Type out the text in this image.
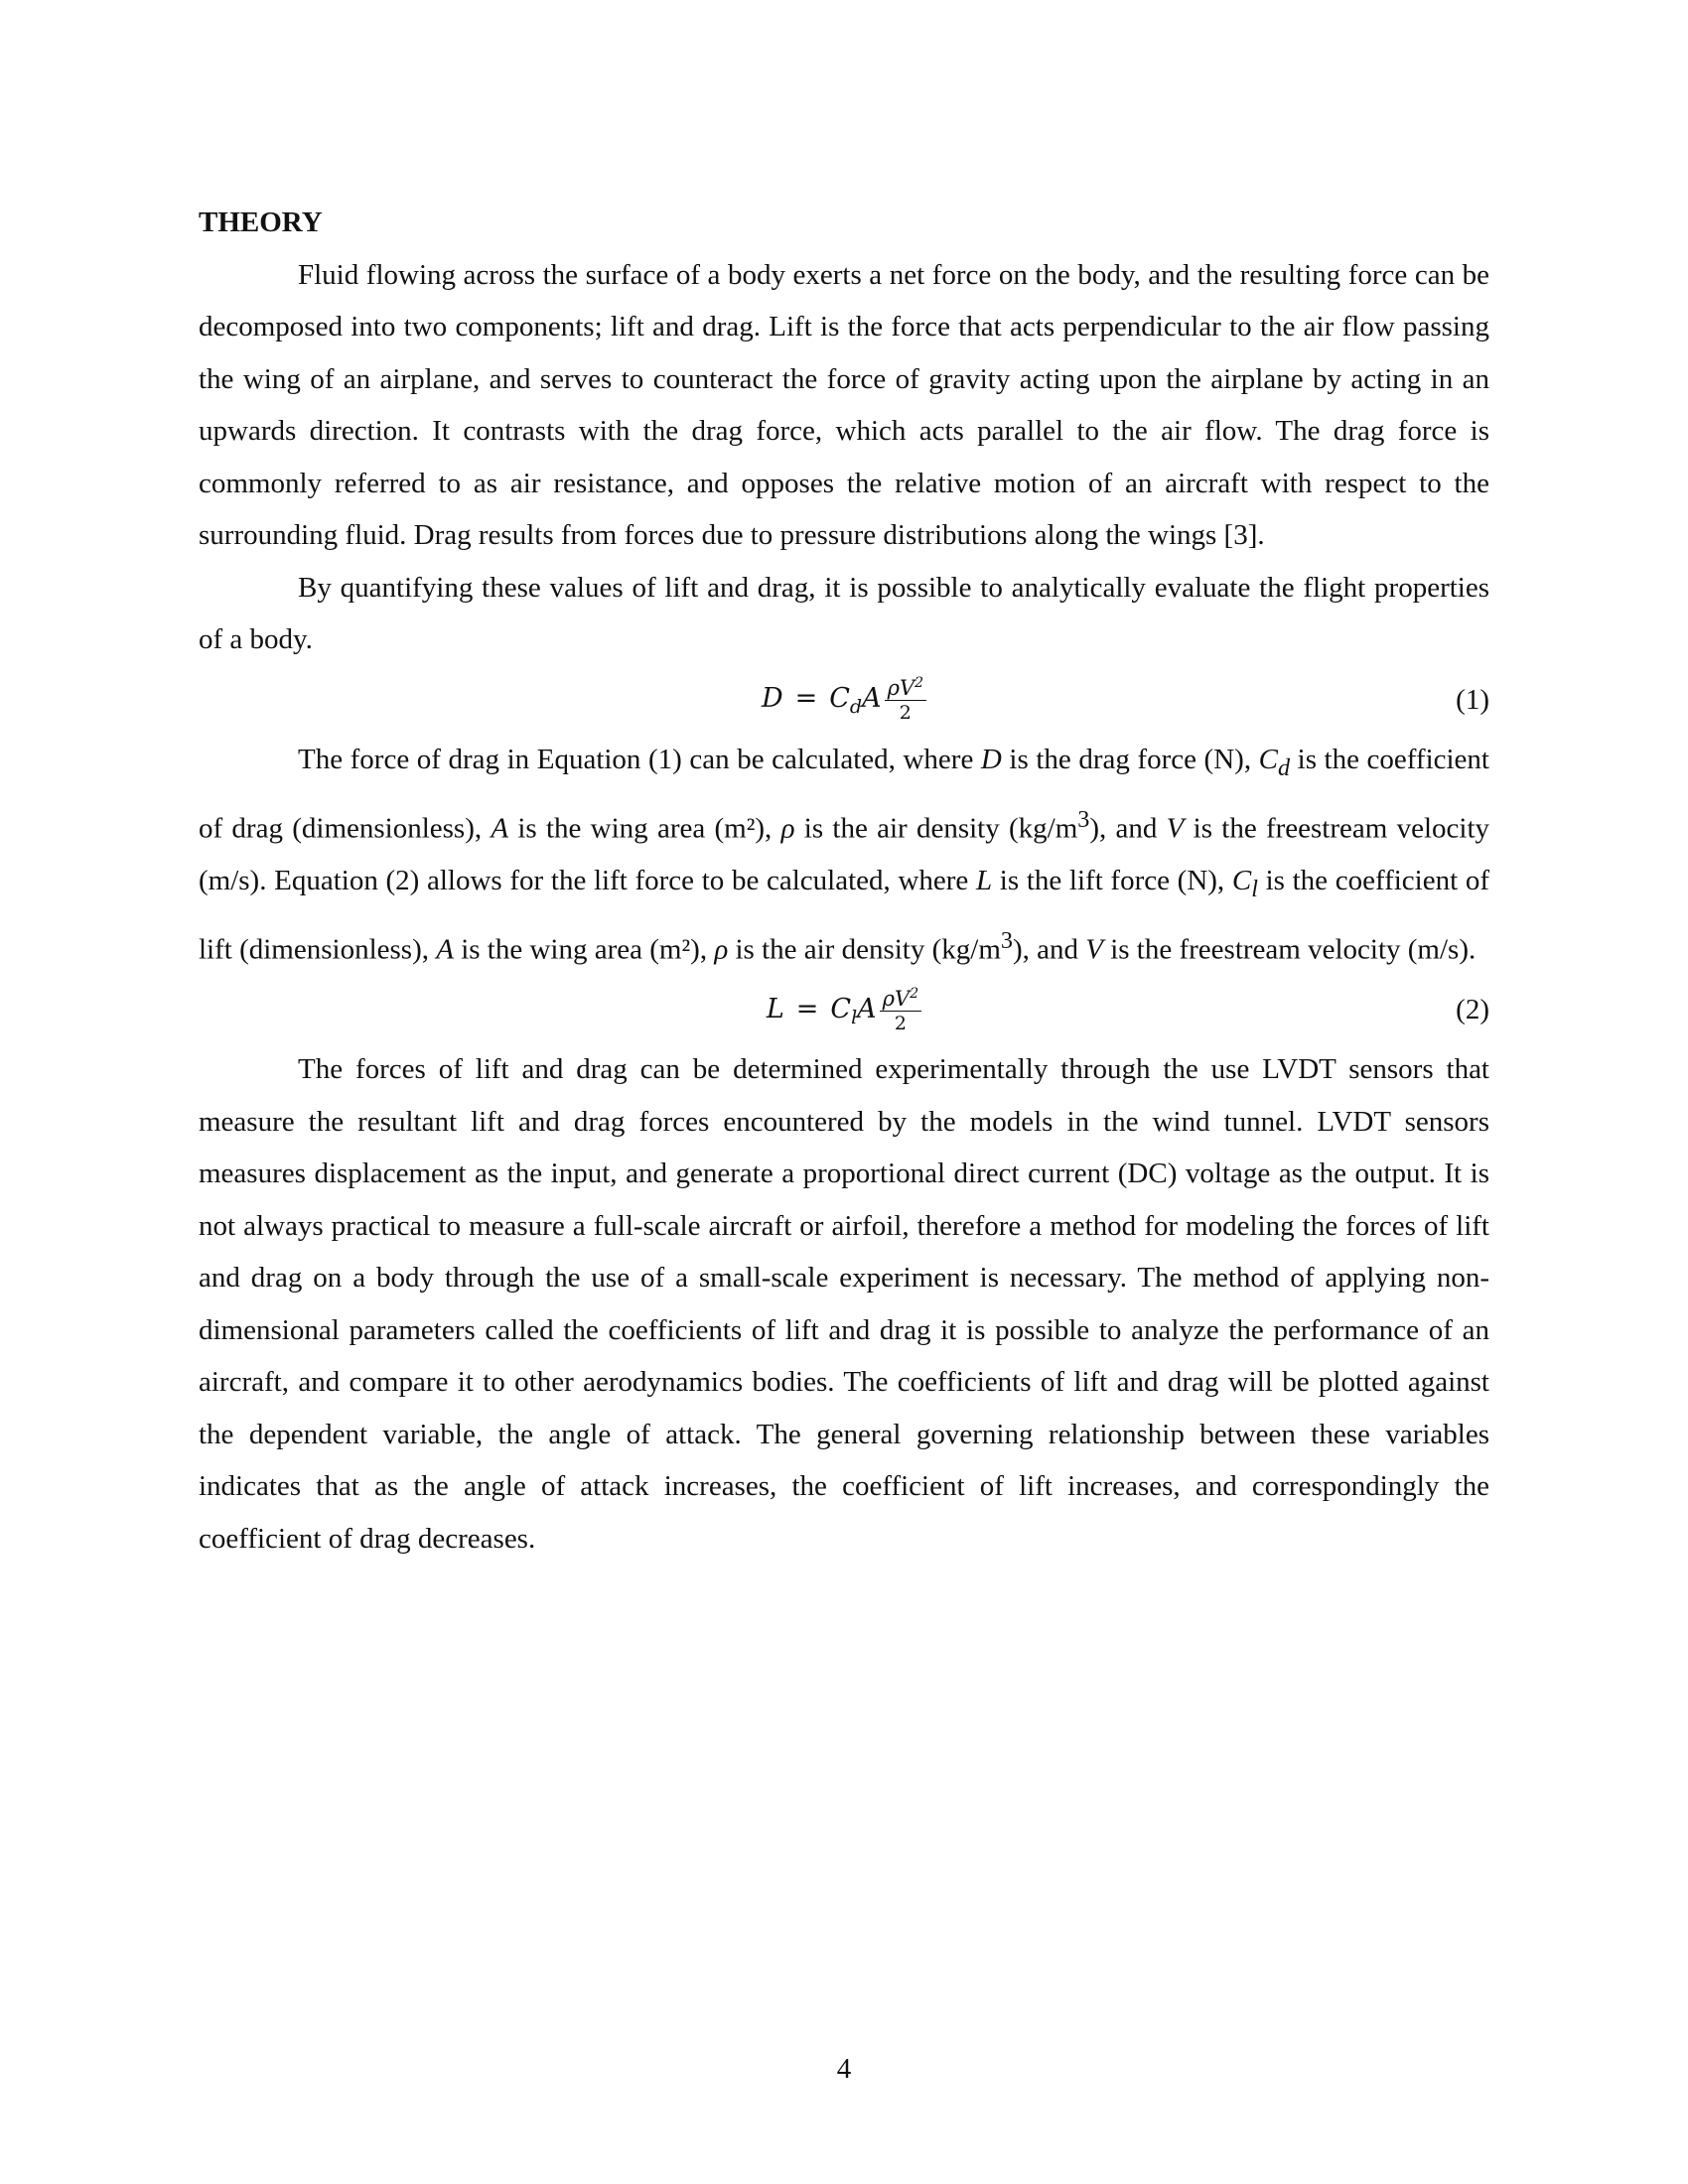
THEORY

Fluid flowing across the surface of a body exerts a net force on the body, and the resulting force can be decomposed into two components; lift and drag. Lift is the force that acts perpendicular to the air flow passing the wing of an airplane, and serves to counteract the force of gravity acting upon the airplane by acting in an upwards direction. It contrasts with the drag force, which acts parallel to the air flow. The drag force is commonly referred to as air resistance, and opposes the relative motion of an aircraft with respect to the surrounding fluid. Drag results from forces due to pressure distributions along the wings [3].

By quantifying these values of lift and drag, it is possible to analytically evaluate the flight properties of a body.

D = C d A $\frac{\rho V^2}{2}$	(1)

The force of drag in Equation (1) can be calculated, where D is the drag force (N), $C_d$ is the coefficient of drag (dimensionless), A is the wing area (m²), ρ is the air density $(kg/m^3)$, and V is the freestream velocity (m/s). Equation (2) allows for the lift force to be calculated, where L is the lift force (N), $C_l$ is the coefficient of lift (dimensionless), A is the wing area (m²), ρ is the air density $(kg/m^3)$, and V is the freestream velocity (m/s).

L = C l A $\frac{\rho V^2}{2}$	(2)

The forces of lift and drag can be determined experimentally through the use LVDT sensors that measure the resultant lift and drag forces encountered by the models in the wind tunnel. LVDT sensors measures displacement as the input, and generate a proportional direct current (DC) voltage as the output. It is not always practical to measure a full-scale aircraft or airfoil, therefore a method for modeling the forces of lift and drag on a body through the use of a small-scale experiment is necessary. The method of applying non-dimensional parameters called the coefficients of lift and drag it is possible to analyze the performance of an aircraft, and compare it to other aerodynamics bodies. The coefficients of lift and drag will be plotted against the dependent variable, the angle of attack. The general governing relationship between these variables indicates that as the angle of attack increases, the coefficient of lift increases, and correspondingly the coefficient of drag decreases.

4
